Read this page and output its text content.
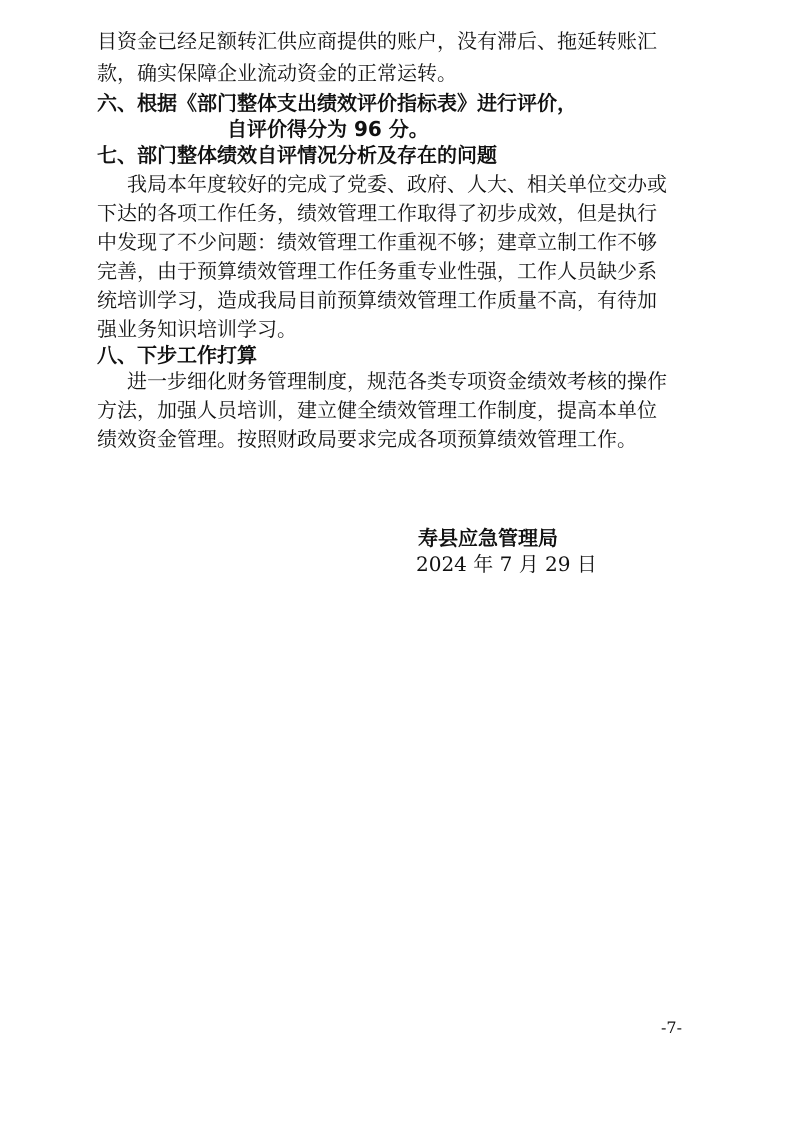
目资金已经足额转汇供应商提供的账户，没有滞后、拖延转账汇
款，确实保障企业流动资金的正常运转。
六、根据《部门整体支出绩效评价指标表》进行评价，
自评价得分为 96 分。
七、部门整体绩效自评情况分析及存在的问题
我局本年度较好的完成了党委、政府、人大、相关单位交办或
下达的各项工作任务，绩效管理工作取得了初步成效，但是执行
中发现了不少问题：绩效管理工作重视不够；建章立制工作不够
完善，由于预算绩效管理工作任务重专业性强，工作人员缺少系
统培训学习，造成我局目前预算绩效管理工作质量不高，有待加
强业务知识培训学习。
八、下步工作打算
进一步细化财务管理制度，规范各类专项资金绩效考核的操作
方法，加强人员培训，建立健全绩效管理工作制度，提高本单位
绩效资金管理。按照财政局要求完成各项预算绩效管理工作。
寿县应急管理局
2024 年 7 月 29 日
-7-
